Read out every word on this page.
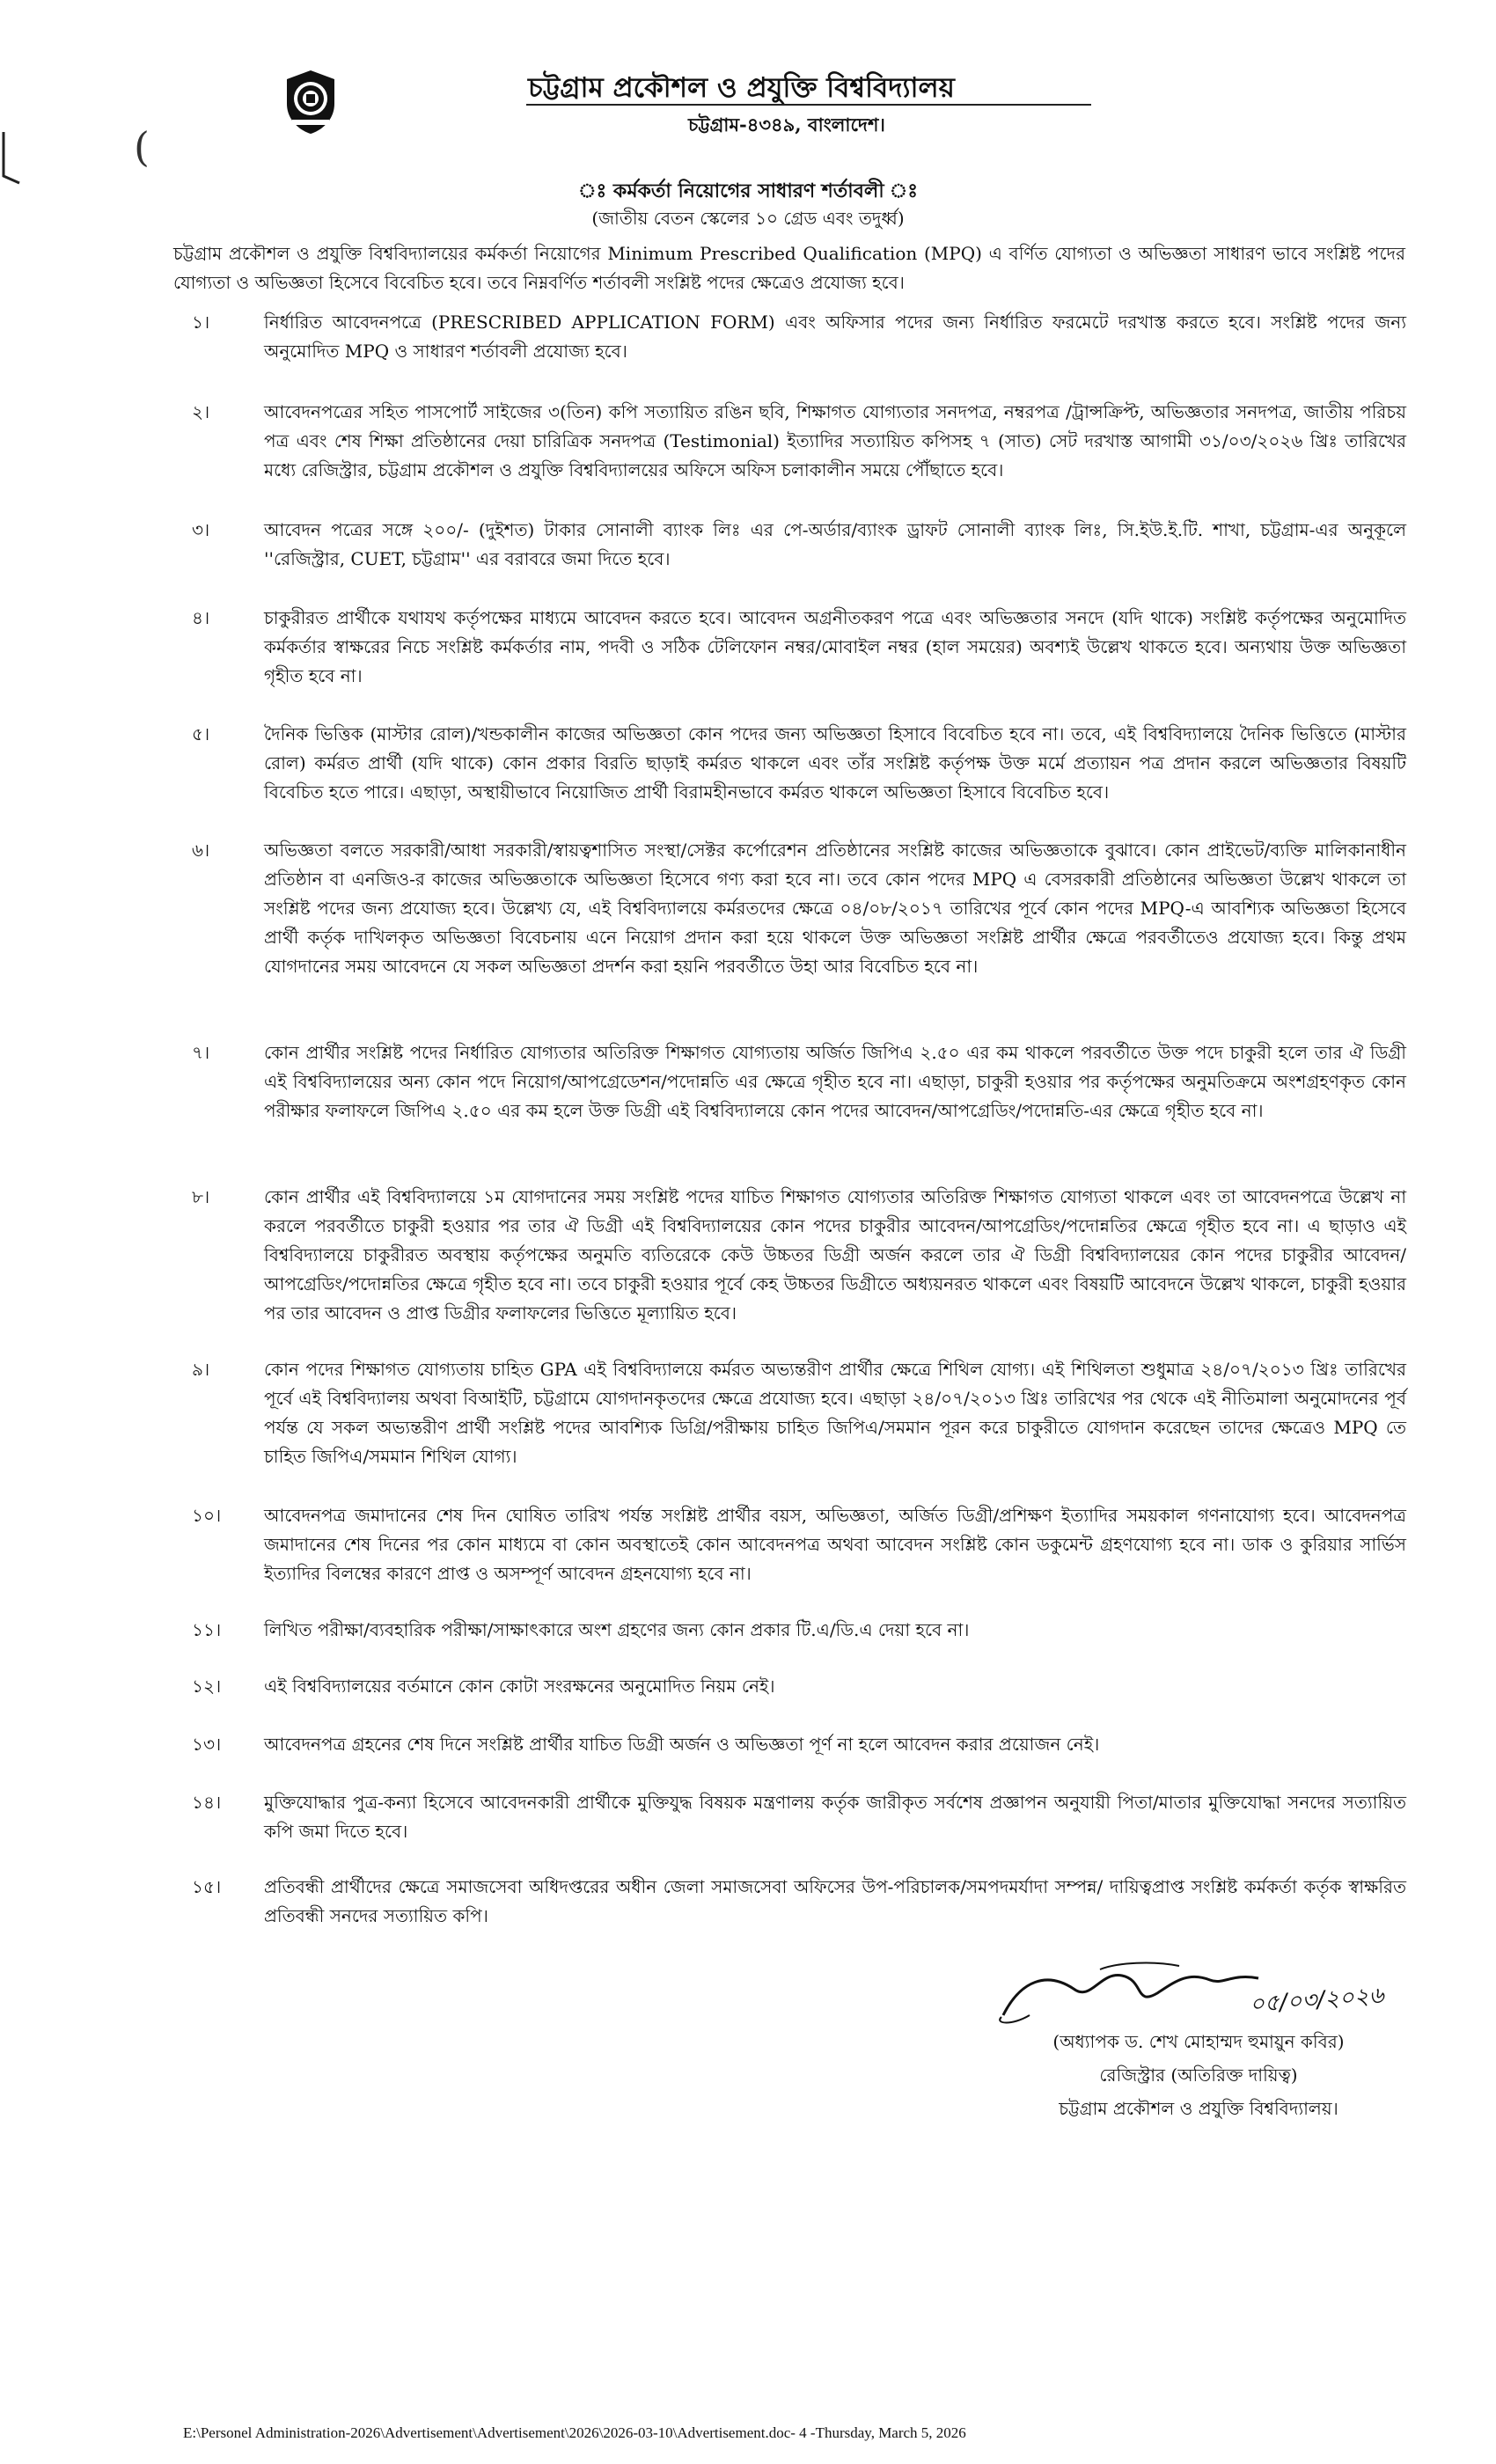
চট্টগ্রাম প্রকৌশল ও প্রযুক্তি বিশ্ববিদ্যালয়
চট্টগ্রাম-৪৩৪৯, বাংলাদেশ।
(
ঃ কর্মকর্তা নিয়োগের সাধারণ শর্তাবলী ঃ
(জাতীয় বেতন স্কেলের ১০ গ্রেড এবং তদুর্ধ্ব)
চট্টগ্রাম প্রকৌশল ও প্রযুক্তি বিশ্ববিদ্যালয়ের কর্মকর্তা নিয়োগের Minimum Prescribed Qualification (MPQ) এ বর্ণিত যোগ্যতা ও অভিজ্ঞতা সাধারণ ভাবে সংশ্লিষ্ট পদের যোগ্যতা ও অভিজ্ঞতা হিসেবে বিবেচিত হবে। তবে নিম্নবর্ণিত শর্তাবলী সংশ্লিষ্ট পদের ক্ষেত্রেও প্রযোজ্য হবে।
১।	নির্ধারিত আবেদনপত্রে (PRESCRIBED APPLICATION FORM) এবং অফিসার পদের জন্য নির্ধারিত ফরমেটে দরখাস্ত করতে হবে। সংশ্লিষ্ট পদের জন্য অনুমোদিত MPQ ও সাধারণ শর্তাবলী প্রযোজ্য হবে।
২।	আবেদনপত্রের সহিত পাসপোর্ট সাইজের ৩(তিন) কপি সত্যায়িত রঙিন ছবি, শিক্ষাগত যোগ্যতার সনদপত্র, নম্বরপত্র /ট্রান্সক্রিপ্ট, অভিজ্ঞতার সনদপত্র, জাতীয় পরিচয় পত্র এবং শেষ শিক্ষা প্রতিষ্ঠানের দেয়া চারিত্রিক সনদপত্র (Testimonial) ইত্যাদির সত্যায়িত কপিসহ ৭ (সাত) সেট দরখাস্ত আগামী ৩১/০৩/২০২৬ খ্রিঃ তারিখের মধ্যে রেজিস্ট্রার, চট্টগ্রাম প্রকৌশল ও প্রযুক্তি বিশ্ববিদ্যালয়ের অফিসে অফিস চলাকালীন সময়ে পৌঁছাতে হবে।
৩।	আবেদন পত্রের সঙ্গে ২০০/- (দুইশত) টাকার সোনালী ব্যাংক লিঃ এর পে-অর্ডার/ব্যাংক ড্রাফট সোনালী ব্যাংক লিঃ, সি.ইউ.ই.টি. শাখা, চট্টগ্রাম-এর অনুকূলে ''রেজিস্ট্রার, CUET, চট্টগ্রাম'' এর বরাবরে জমা দিতে হবে।
৪।	চাকুরীরত প্রার্থীকে যথাযথ কর্তৃপক্ষের মাধ্যমে আবেদন করতে হবে। আবেদন অগ্রনীতকরণ পত্রে এবং অভিজ্ঞতার সনদে (যদি থাকে) সংশ্লিষ্ট কর্তৃপক্ষের অনুমোদিত কর্মকর্তার স্বাক্ষরের নিচে সংশ্লিষ্ট কর্মকর্তার নাম, পদবী ও সঠিক টেলিফোন নম্বর/মোবাইল নম্বর (হাল সময়ের) অবশ্যই উল্লেখ থাকতে হবে। অন্যথায় উক্ত অভিজ্ঞতা গৃহীত হবে না।
৫।	দৈনিক ভিত্তিক (মাস্টার রোল)/খন্ডকালীন কাজের অভিজ্ঞতা কোন পদের জন্য অভিজ্ঞতা হিসাবে বিবেচিত হবে না। তবে, এই বিশ্ববিদ্যালয়ে দৈনিক ভিত্তিতে (মাস্টার রোল) কর্মরত প্রার্থী (যদি থাকে) কোন প্রকার বিরতি ছাড়াই কর্মরত থাকলে এবং তাঁর সংশ্লিষ্ট কর্তৃপক্ষ উক্ত মর্মে প্রত্যায়ন পত্র প্রদান করলে অভিজ্ঞতার বিষয়টি বিবেচিত হতে পারে। এছাড়া, অস্থায়ীভাবে নিয়োজিত প্রার্থী বিরামহীনভাবে কর্মরত থাকলে অভিজ্ঞতা হিসাবে বিবেচিত হবে।
৬।	অভিজ্ঞতা বলতে সরকারী/আধা সরকারী/স্বায়ত্বশাসিত সংস্থা/সেক্টর কর্পোরেশন প্রতিষ্ঠানের সংশ্লিষ্ট কাজের অভিজ্ঞতাকে বুঝাবে। কোন প্রাইভেট/ব্যক্তি মালিকানাধীন প্রতিষ্ঠান বা এনজিও-র কাজের অভিজ্ঞতাকে অভিজ্ঞতা হিসেবে গণ্য করা হবে না। তবে কোন পদের MPQ এ বেসরকারী প্রতিষ্ঠানের অভিজ্ঞতা উল্লেখ থাকলে তা সংশ্লিষ্ট পদের জন্য প্রযোজ্য হবে। উল্লেখ্য যে, এই বিশ্ববিদ্যালয়ে কর্মরতদের ক্ষেত্রে ০৪/০৮/২০১৭ তারিখের পূর্বে কোন পদের MPQ-এ আবশ্যিক অভিজ্ঞতা হিসেবে প্রার্থী কর্তৃক দাখিলকৃত অভিজ্ঞতা বিবেচনায় এনে নিয়োগ প্রদান করা হয়ে থাকলে উক্ত অভিজ্ঞতা সংশ্লিষ্ট প্রার্থীর ক্ষেত্রে পরবর্তীতেও প্রযোজ্য হবে। কিন্তু প্রথম যোগদানের সময় আবেদনে যে সকল অভিজ্ঞতা প্রদর্শন করা হয়নি পরবর্তীতে উহা আর বিবেচিত হবে না।
৭।	কোন প্রার্থীর সংশ্লিষ্ট পদের নির্ধারিত যোগ্যতার অতিরিক্ত শিক্ষাগত যোগ্যতায় অর্জিত জিপিএ ২.৫০ এর কম থাকলে পরবর্তীতে উক্ত পদে চাকুরী হলে তার ঐ ডিগ্রী এই বিশ্ববিদ্যালয়ের অন্য কোন পদে নিয়োগ/আপগ্রেডেশন/পদোন্নতি এর ক্ষেত্রে গৃহীত হবে না। এছাড়া, চাকুরী হওয়ার পর কর্তৃপক্ষের অনুমতিক্রমে অংশগ্রহণকৃত কোন পরীক্ষার ফলাফলে জিপিএ ২.৫০ এর কম হলে উক্ত ডিগ্রী এই বিশ্ববিদ্যালয়ে কোন পদের আবেদন/আপগ্রেডিং/পদোন্নতি-এর ক্ষেত্রে গৃহীত হবে না।
৮।	কোন প্রার্থীর এই বিশ্ববিদ্যালয়ে ১ম যোগদানের সময় সংশ্লিষ্ট পদের যাচিত শিক্ষাগত যোগ্যতার অতিরিক্ত শিক্ষাগত যোগ্যতা থাকলে এবং তা আবেদনপত্রে উল্লেখ না করলে পরবর্তীতে চাকুরী হওয়ার পর তার ঐ ডিগ্রী এই বিশ্ববিদ্যালয়ের কোন পদের চাকুরীর আবেদন/আপগ্রেডিং/পদোন্নতির ক্ষেত্রে গৃহীত হবে না। এ ছাড়াও এই বিশ্ববিদ্যালয়ে চাকুরীরত অবস্থায় কর্তৃপক্ষের অনুমতি ব্যতিরেকে কেউ উচ্চতর ডিগ্রী অর্জন করলে তার ঐ ডিগ্রী বিশ্ববিদ্যালয়ের কোন পদের চাকুরীর আবেদন/আপগ্রেডিং/পদোন্নতির ক্ষেত্রে গৃহীত হবে না। তবে চাকুরী হওয়ার পূর্বে কেহ উচ্চতর ডিগ্রীতে অধ্যয়নরত থাকলে এবং বিষয়টি আবেদনে উল্লেখ থাকলে, চাকুরী হওয়ার পর তার আবেদন ও প্রাপ্ত ডিগ্রীর ফলাফলের ভিত্তিতে মূল্যায়িত হবে।
৯।	কোন পদের শিক্ষাগত যোগ্যতায় চাহিত GPA এই বিশ্ববিদ্যালয়ে কর্মরত অভ্যন্তরীণ প্রার্থীর ক্ষেত্রে শিথিল যোগ্য। এই শিথিলতা শুধুমাত্র ২৪/০৭/২০১৩ খ্রিঃ তারিখের পূর্বে এই বিশ্ববিদ্যালয় অথবা বিআইটি, চট্টগ্রামে যোগদানকৃতদের ক্ষেত্রে প্রযোজ্য হবে। এছাড়া ২৪/০৭/২০১৩ খ্রিঃ তারিখের পর থেকে এই নীতিমালা অনুমোদনের পূর্ব পর্যন্ত যে সকল অভ্যন্তরীণ প্রার্থী সংশ্লিষ্ট পদের আবশ্যিক ডিগ্রি/পরীক্ষায় চাহিত জিপিএ/সমমান পূরন করে চাকুরীতে যোগদান করেছেন তাদের ক্ষেত্রেও MPQ তে চাহিত জিপিএ/সমমান শিথিল যোগ্য।
১০। আবেদনপত্র জমাদানের শেষ দিন ঘোষিত তারিখ পর্যন্ত সংশ্লিষ্ট প্রার্থীর বয়স, অভিজ্ঞতা, অর্জিত ডিগ্রী/প্রশিক্ষণ ইত্যাদির সময়কাল গণনাযোগ্য হবে। আবেদনপত্র জমাদানের শেষ দিনের পর কোন মাধ্যমে বা কোন অবস্থাতেই কোন আবেদনপত্র অথবা আবেদন সংশ্লিষ্ট কোন ডকুমেন্ট গ্রহণযোগ্য হবে না। ডাক ও কুরিয়ার সার্ভিস ইত্যাদির বিলম্বের কারণে প্রাপ্ত ও অসম্পূর্ণ আবেদন গ্রহনযোগ্য হবে না।
১১। লিখিত পরীক্ষা/ব্যবহারিক পরীক্ষা/সাক্ষাৎকারে অংশ গ্রহণের জন্য কোন প্রকার টি.এ/ডি.এ দেয়া হবে না।
১২। এই বিশ্ববিদ্যালয়ের বর্তমানে কোন কোটা সংরক্ষনের অনুমোদিত নিয়ম নেই।
১৩। আবেদনপত্র গ্রহনের শেষ দিনে সংশ্লিষ্ট প্রার্থীর যাচিত ডিগ্রী অর্জন ও অভিজ্ঞতা পূর্ণ না হলে আবেদন করার প্রয়োজন নেই।
১৪। মুক্তিযোদ্ধার পুত্র-কন্যা হিসেবে আবেদনকারী প্রার্থীকে মুক্তিযুদ্ধ বিষয়ক মন্ত্রণালয় কর্তৃক জারীকৃত সর্বশেষ প্রজ্ঞাপন অনুযায়ী পিতা/মাতার মুক্তিযোদ্ধা সনদের সত্যায়িত কপি জমা দিতে হবে।
১৫। প্রতিবন্ধী প্রার্থীদের ক্ষেত্রে সমাজসেবা অধিদপ্তরের অধীন জেলা সমাজসেবা অফিসের উপ-পরিচালক/সমপদমর্যাদা সম্পন্ন/ দায়িত্বপ্রাপ্ত সংশ্লিষ্ট কর্মকর্তা কর্তৃক স্বাক্ষরিত প্রতিবন্ধী সনদের সত্যায়িত কপি।
০৫/০৩/২০২৬
(অধ্যাপক ড. শেখ মোহাম্মদ হুমায়ুন কবির)
রেজিস্ট্রার (অতিরিক্ত দায়িত্ব)
চট্টগ্রাম প্রকৌশল ও প্রযুক্তি বিশ্ববিদ্যালয়।
E:\Personel Administration-2026\Advertisement\Advertisement\2026\2026-03-10\Advertisement.doc- 4 -Thursday, March 5, 2026
